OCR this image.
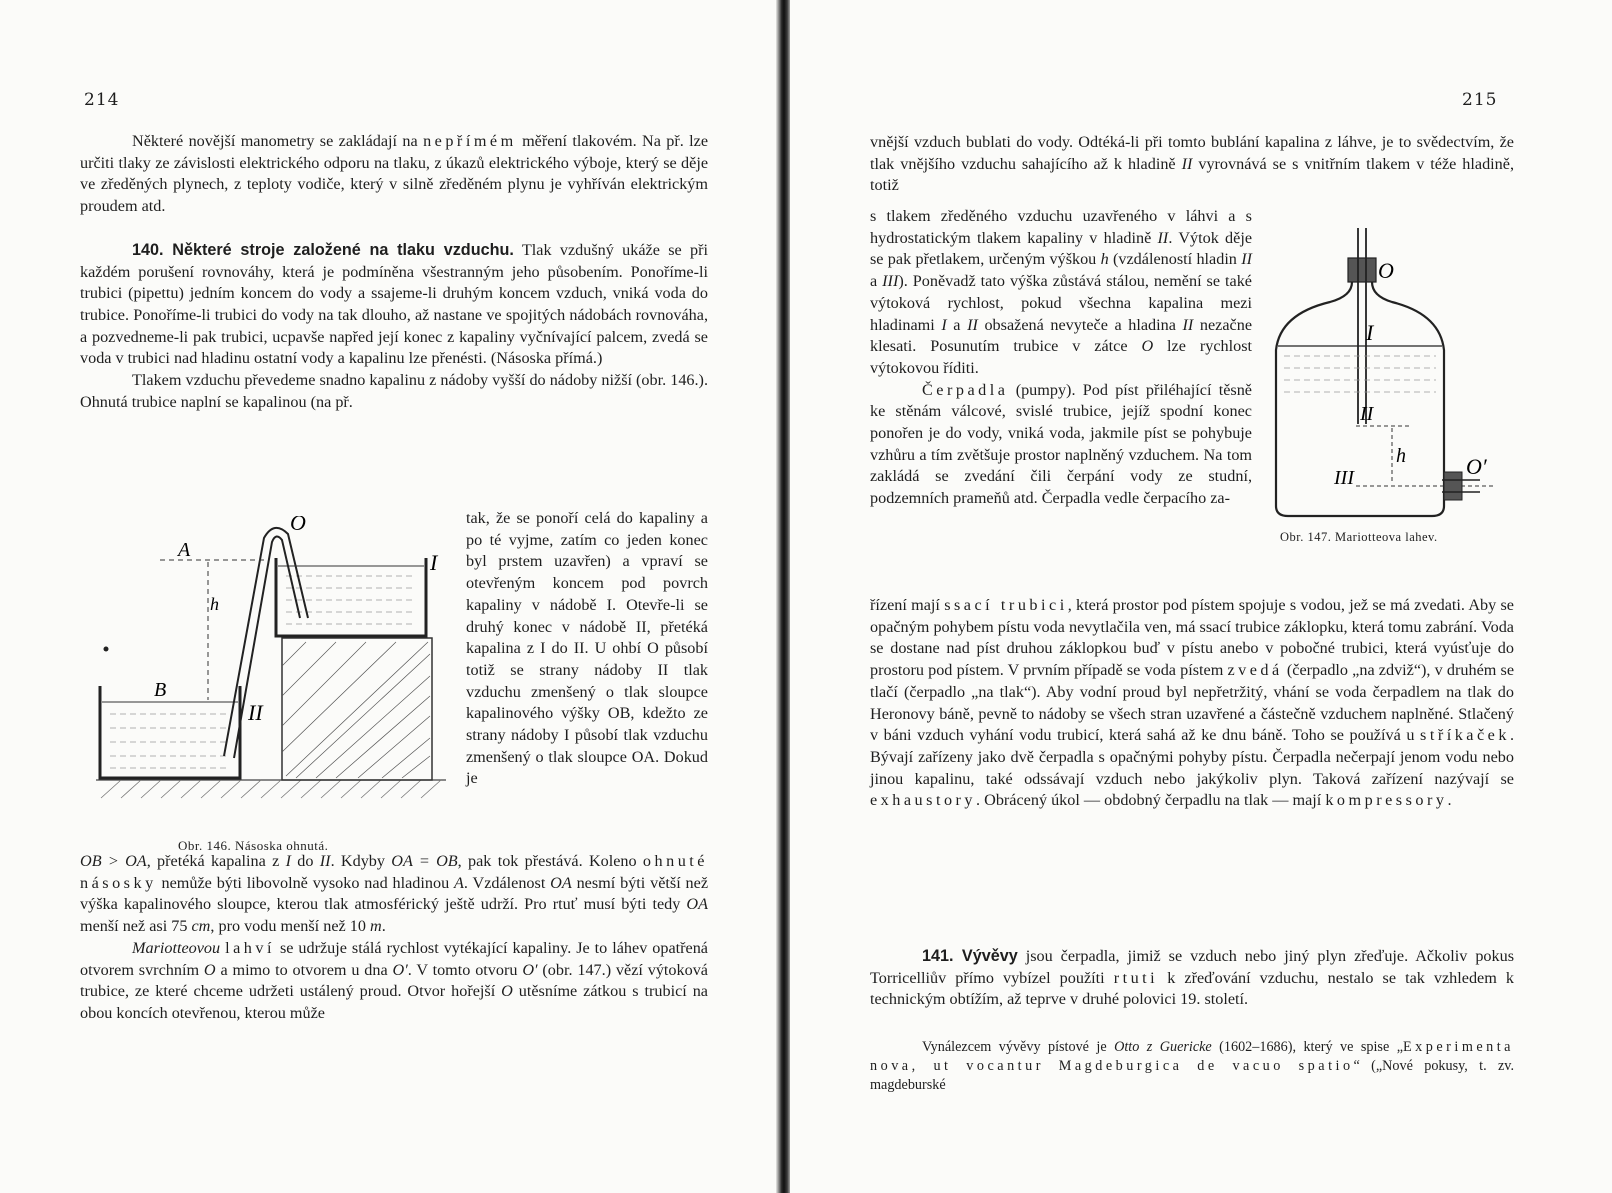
214

Některé novější manometry se zakládají na nepřímém měření tlakovém. Na př. lze určiti tlaky ze závislosti elektrického odporu na tlaku, z úkazů elektrického výboje, který se děje ve zředěných plynech, z teploty vodiče, který v silně zředěném plynu je vyhříván elektrickým proudem atd.

140. Některé stroje založené na tlaku vzduchu. Tlak vzdušný ukáže se při každém porušení rovnováhy, která je podmíněna všestranným jeho působením. Ponoříme-li trubici (pipettu) jedním koncem do vody a ssajeme-li druhým koncem vzduch, vniká voda do trubice. Ponoříme-li trubici do vody na tak dlouho, až nastane ve spojitých nádobách rovnováha, a pozvedneme-li pak trubici, ucpavše napřed její konec z kapaliny vyčnívající palcem, zvedá se voda v trubici nad hladinu ostatní vody a kapalinu lze přenésti. (Násoska přímá.)

Tlakem vzduchu převedeme snadno kapalinu z nádoby vyšší do nádoby nižší (obr. 146.). Ohnutá trubice naplní se kapalinou (na př.

tak, že se ponoří celá do kapaliny a po té vyjme, zatím co jeden konec byl prstem uzavřen) a vpraví se otevřeným koncem pod povrch kapaliny v nádobě I. Otevře-li se druhý konec v nádobě II, přetéká kapalina z I do II. U ohbí O působí totiž se strany nádoby II tlak vzduchu zmenšený o tlak sloupce kapalinového výšky OB, kdežto ze strany nádoby I působí tlak vzduchu zmenšený o tlak sloupce OA. Dokud je

O
A
h
I
B
II
Obr. 146. Násoska ohnutá.

OB > OA, přetéká kapalina z I do II. Kdyby OA = OB, pak tok přestává. Koleno ohnuté násosky nemůže býti libovolně vysoko nad hladinou A. Vzdálenost OA nesmí býti větší než výška kapalinového sloupce, kterou tlak atmosférický ještě udrží. Pro rtuť musí býti tedy OA menší než asi 75 cm, pro vodu menší než 10 m.

Mariotteovou lahví se udržuje stálá rychlost vytékající kapaliny. Je to láhev opatřená otvorem svrchním O a mimo to otvorem u dna O′. V tomto otvoru O′ (obr. 147.) vězí výtoková trubice, ze které chceme udržeti ustálený proud. Otvor hořejší O utěsníme zátkou s trubicí na obou koncích otevřenou, kterou může

215

vnější vzduch bublati do vody. Odtéká-li při tomto bublání kapalina z láhve, je to svědectvím, že tlak vnějšího vzduchu sahajícího až k hladině II vyrovnává se s vnitřním tlakem v téže hladině, totiž

s tlakem zředěného vzduchu uzavřeného v láhvi a s hydrostatickým tlakem kapaliny v hladině II. Výtok děje se pak přetlakem, určeným výškou h (vzdáleností hladin II a III). Poněvadž tato výška zůstává stálou, nemění se také výtoková rychlost, pokud všechna kapalina mezi hladinami I a II obsažená nevyteče a hladina II nezačne klesati. Posunutím trubice v zátce O lze rychlost výtokovou říditi.

Čerpadla (pumpy). Pod píst přiléhající těsně ke stěnám válcové, svislé trubice, jejíž spodní konec ponořen je do vody, vniká voda, jakmile píst se pohybuje vzhůru a tím zvětšuje prostor naplněný vzduchem. Na tom zakládá se zvedání čili čerpání vody ze studní, podzemních prameňů atd. Čerpadla vedle čerpacího za-

O
I
II
h
III	O′
Obr. 147. Mariotteova lahev.

řízení mají ssací trubici, která prostor pod pístem spojuje s vodou, jež se má zvedati. Aby se opačným pohybem pístu voda nevytlačila ven, má ssací trubice záklopku, která tomu zabrání. Voda se dostane nad píst druhou záklopkou buď v pístu anebo v pobočné trubici, která vyúsťuje do prostoru pod pístem. V prvním případě se voda pístem zvedá (čerpadlo „na zdviž“), v druhém se tlačí (čerpadlo „na tlak“). Aby vodní proud byl nepřetržitý, vhání se voda čerpadlem na tlak do Heronovy báně, pevně to nádoby se všech stran uzavřené a částečně vzduchem naplněné. Stlačený v báni vzduch vyhání vodu trubicí, která sahá až ke dnu báně. Toho se používá u stříkaček. Bývají zařízeny jako dvě čerpadla s opačnými pohyby pístu. Čerpadla nečerpají jenom vodu nebo jinou kapalinu, také odssávají vzduch nebo jakýkoliv plyn. Taková zařízení nazývají se exhaustory. Obrácený úkol — obdobný čerpadlu na tlak — mají kompressory.

141. Vývěvy jsou čerpadla, jimiž se vzduch nebo jiný plyn zřeďuje. Ačkoliv pokus Torricelliův přímo vybízel použíti rtuti k zřeďování vzduchu, nestalo se tak vzhledem k technickým obtížím, až teprve v druhé polovici 19. století.

Vynálezcem vývěvy pístové je Otto z Guericke (1602–1686), který ve spise „Experimenta nova, ut vocantur Magdeburgica de vacuo spatio“ („Nové pokusy, t. zv. magdeburské
